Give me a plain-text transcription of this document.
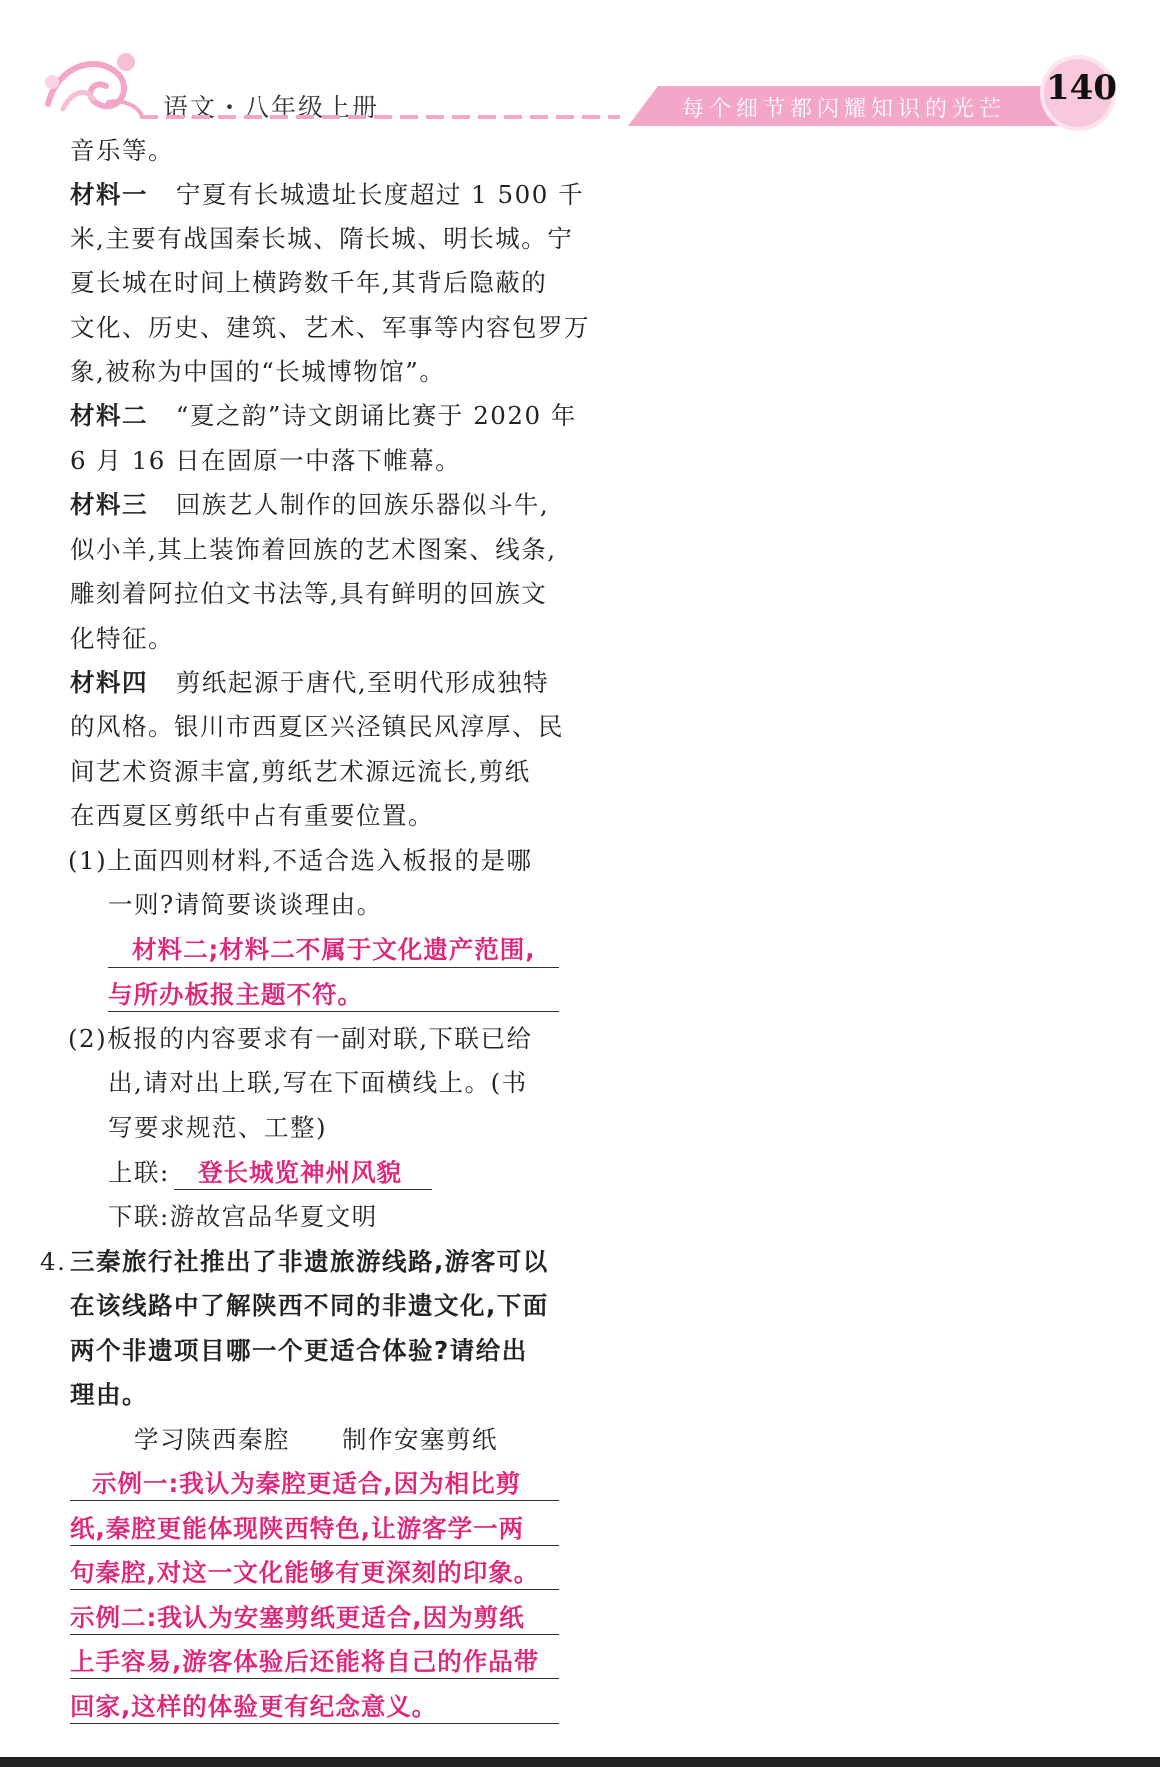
语文・八年级上册	每个细节都闪耀知识的光芒
140
音乐等。
材料一 宁夏有长城遗址长度超过 1 500 千
米,主要有战国秦长城、隋长城、明长城。宁
夏长城在时间上横跨数千年,其背后隐蔽的
文化、历史、建筑、艺术、军事等内容包罗万
象,被称为中国的“长城博物馆”。
材料二 “夏之韵”诗文朗诵比赛于 2020 年
6 月 16 日在固原一中落下帷幕。
材料三 回族艺人制作的回族乐器似斗牛,
似小羊,其上装饰着回族的艺术图案、线条,
雕刻着阿拉伯文书法等,具有鲜明的回族文
化特征。
材料四 剪纸起源于唐代,至明代形成独特
的风格。银川市西夏区兴泾镇民风淳厚、民
间艺术资源丰富,剪纸艺术源远流长,剪纸
在西夏区剪纸中占有重要位置。
(1)上面四则材料,不适合选入板报的是哪
一则?请简要谈谈理由。
材料二;材料二不属于文化遗产范围,
与所办板报主题不符。
(2)板报的内容要求有一副对联,下联已给
出,请对出上联,写在下面横线上。(书
写要求规范、工整)
上联: 登长城览神州风貌
下联:游故宫品华夏文明
4. 三秦旅行社推出了非遗旅游线路,游客可以
在该线路中了解陕西不同的非遗文化,下面
两个非遗项目哪一个更适合体验?请给出
理由。
学习陕西秦腔 制作安塞剪纸
示例一:我认为秦腔更适合,因为相比剪
纸,秦腔更能体现陕西特色,让游客学一两
句秦腔,对这一文化能够有更深刻的印象。
示例二:我认为安塞剪纸更适合,因为剪纸
上手容易,游客体验后还能将自己的作品带
回家,这样的体验更有纪念意义。
